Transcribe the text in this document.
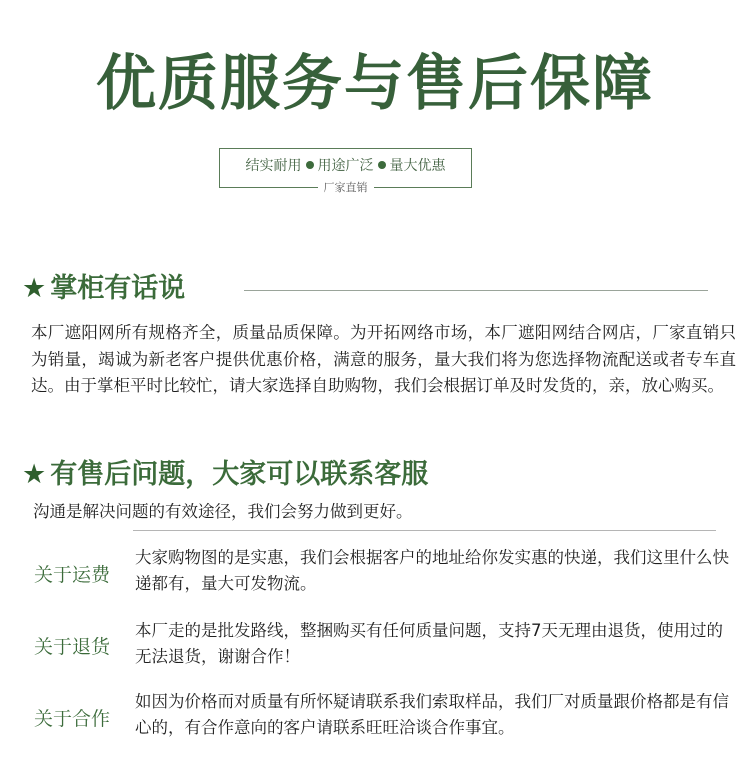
优质服务与售后保障
结实耐用 用途广泛 量大优惠
厂家直销
★ 掌柜有话说
本厂遮阳网所有规格齐全，质量品质保障。为开拓网络市场，本厂遮阳网结合网店，厂家直销只为销量，竭诚为新老客户提供优惠价格，满意的服务，量大我们将为您选择物流配送或者专车直达。由于掌柜平时比较忙，请大家选择自助购物，我们会根据订单及时发货的，亲，放心购买。
★ 有售后问题，大家可以联系客服
沟通是解决问题的有效途径，我们会努力做到更好。
关于运费
大家购物图的是实惠，我们会根据客户的地址给你发实惠的快递，我们这里什么快递都有，量大可发物流。
关于退货
本厂走的是批发路线，整捆购买有任何质量问题，支持7天无理由退货，使用过的无法退货，谢谢合作！
关于合作
如因为价格而对质量有所怀疑请联系我们索取样品，我们厂对质量跟价格都是有信心的，有合作意向的客户请联系旺旺洽谈合作事宜。
